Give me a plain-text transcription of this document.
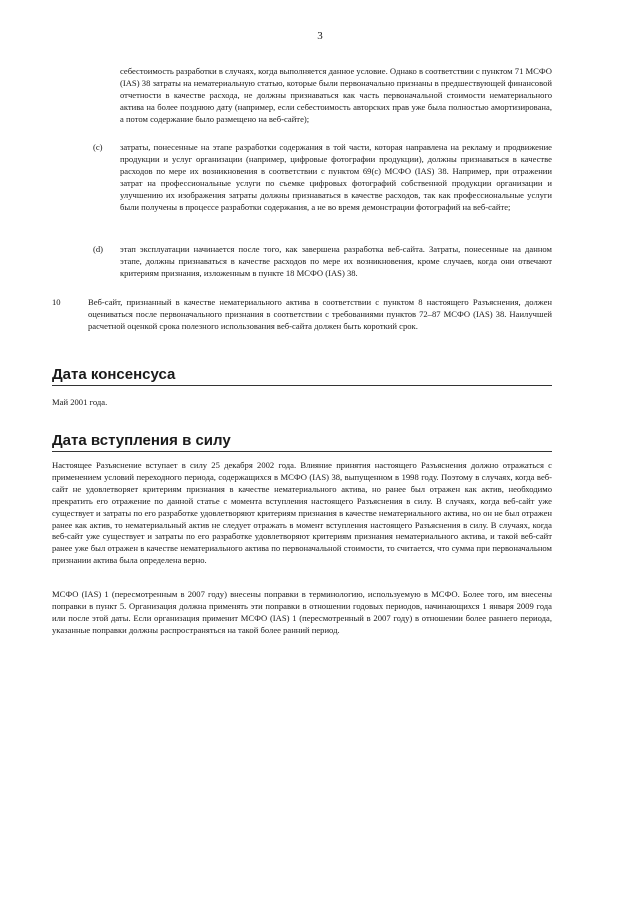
3
себестоимость разработки в случаях, когда выполняется данное условие. Однако в соответствии с пунктом 71 МСФО (IAS) 38 затраты на нематериальную статью, которые были первоначально признаны в предшествующей финансовой отчетности в качестве расхода, не должны признаваться как часть первоначальной стоимости нематериального актива на более позднюю дату (например, если себестоимость авторских прав уже была полностью амортизирована, а потом содержание было размещено на веб-сайте);
(c) затраты, понесенные на этапе разработки содержания в той части, которая направлена на рекламу и продвижение продукции и услуг организации (например, цифровые фотографии продукции), должны признаваться в качестве расходов по мере их возникновения в соответствии с пунктом 69(c) МСФО (IAS) 38. Например, при отражении затрат на профессиональные услуги по съемке цифровых фотографий собственной продукции организации и улучшению их изображения затраты должны признаваться в качестве расходов, так как профессиональные услуги были получены в процессе разработки содержания, а не во время демонстрации фотографий на веб-сайте;
(d) этап эксплуатации начинается после того, как завершена разработка веб-сайта. Затраты, понесенные на данном этапе, должны признаваться в качестве расходов по мере их возникновения, кроме случаев, когда они отвечают критериям признания, изложенным в пункте 18 МСФО (IAS) 38.
10	Веб-сайт, признанный в качестве нематериального актива в соответствии с пунктом 8 настоящего Разъяснения, должен оцениваться после первоначального признания в соответствии с требованиями пунктов 72–87 МСФО (IAS) 38. Наилучшей расчетной оценкой срока полезного использования веб-сайта должен быть короткий срок.
Дата консенсуса
Май 2001 года.
Дата вступления в силу
Настоящее Разъяснение вступает в силу 25 декабря 2002 года. Влияние принятия настоящего Разъяснения должно отражаться с применением условий переходного периода, содержащихся в МСФО (IAS) 38, выпущенном в 1998 году. Поэтому в случаях, когда веб-сайт не удовлетворяет критериям признания в качестве нематериального актива, но ранее был отражен как актив, необходимо прекратить его отражение по данной статье с момента вступления настоящего Разъяснения в силу. В случаях, когда веб-сайт уже существует и затраты по его разработке удовлетворяют критериям признания в качестве нематериального актива, но он не был отражен ранее как актив, то нематериальный актив не следует отражать в момент вступления настоящего Разъяснения в силу. В случаях, когда веб-сайт уже существует и затраты по его разработке удовлетворяют критериям признания нематериального актива, и такой веб-сайт ранее уже был отражен в качестве нематериального актива по первоначальной стоимости, то считается, что сумма при первоначальном признании актива была определена верно.
МСФО (IAS) 1 (пересмотренным в 2007 году) внесены поправки в терминологию, используемую в МСФО. Более того, им внесены поправки в пункт 5. Организация должна применять эти поправки в отношении годовых периодов, начинающихся 1 января 2009 года или после этой даты. Если организация применит МСФО (IAS) 1 (пересмотренный в 2007 году) в отношении более раннего периода, указанные поправки должны распространяться на такой более ранний период.
